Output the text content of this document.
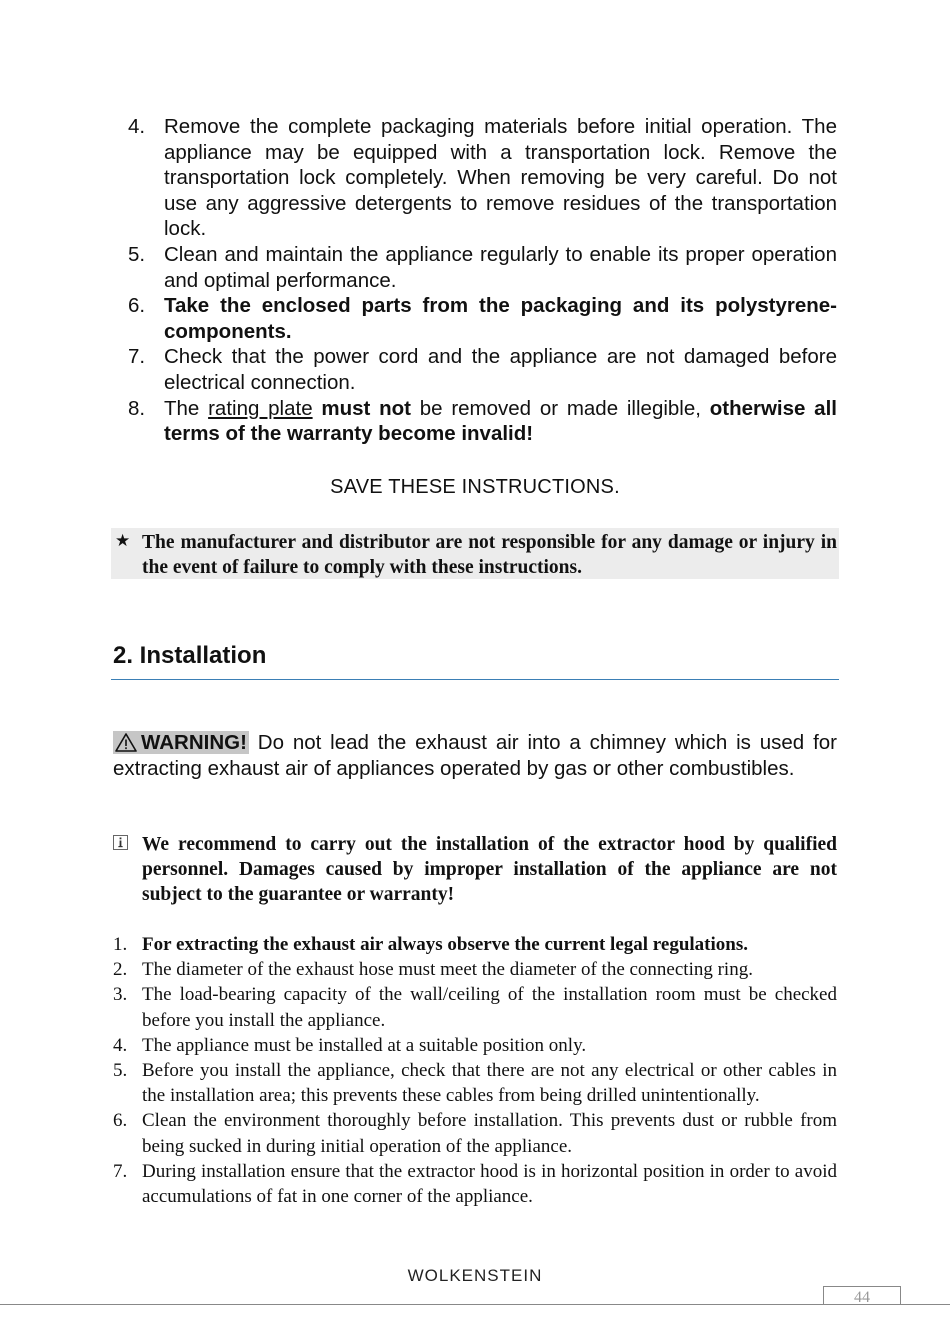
4. Remove the complete packaging materials before initial operation. The appliance may be equipped with a transportation lock. Remove the transportation lock completely. When removing be very careful. Do not use any aggressive detergents to remove residues of the transportation lock.
5. Clean and maintain the appliance regularly to enable its proper operation and optimal performance.
6. Take the enclosed parts from the packaging and its polystyrene-components.
7. Check that the power cord and the appliance are not damaged before electrical connection.
8. The rating plate must not be removed or made illegible, otherwise all terms of the warranty become invalid!
SAVE THESE INSTRUCTIONS.
★ The manufacturer and distributor are not responsible for any damage or injury in the event of failure to comply with these instructions.
2. Installation
WARNING! Do not lead the exhaust air into a chimney which is used for extracting exhaust air of appliances operated by gas or other combustibles.
We recommend to carry out the installation of the extractor hood by qualified personnel. Damages caused by improper installation of the appliance are not subject to the guarantee or warranty!
1. For extracting the exhaust air always observe the current legal regulations.
2. The diameter of the exhaust hose must meet the diameter of the connecting ring.
3. The load-bearing capacity of the wall/ceiling of the installation room must be checked before you install the appliance.
4. The appliance must be installed at a suitable position only.
5. Before you install the appliance, check that there are not any electrical or other cables in the installation area; this prevents these cables from being drilled unintentionally.
6. Clean the environment thoroughly before installation. This prevents dust or rubble from being sucked in during initial operation of the appliance.
7. During installation ensure that the extractor hood is in horizontal position in order to avoid accumulations of fat in one corner of the appliance.
WOLKENSTEIN
44
